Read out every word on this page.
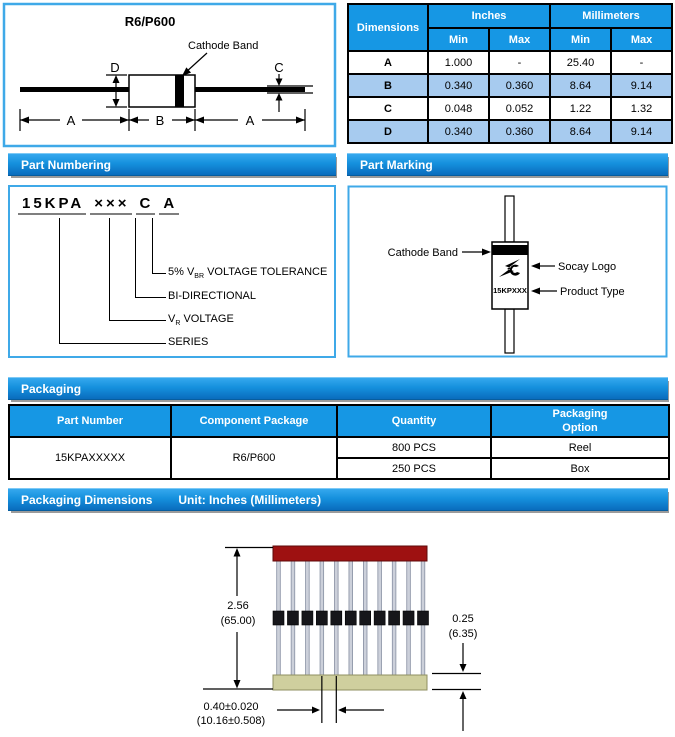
R6/P600
Cathode Band
D	C
A	B	A
Dimensions	Inches		Millimeters	
	Min	Max	Min	Max
A	1.000	-	25.40	-
B	0.340	0.360	8.64	9.14
C	0.048	0.052	1.22	1.32
D	0.340	0.360	8.64	9.14
Part Numbering	Part Marking
15KPA ××× C A
5% $V_{BR}$ VOLTAGE TOLERANCE
BI-DIRECTIONAL
$V_R$ VOLTAGE
SERIES
15KPXXX
Cathode Band
Socay Logo
Product Type
Packaging
Part Number	Component Package	Quantity	Packaging Option
15KPAXXXXX	R6/P600	800 PCS	Reel
		250 PCS	Box
Packaging Dimensions Unit: Inches (Millimeters)
2.56
(65.00)	0.25
(6.35)
0.40±0.020
(10.16±0.508)
